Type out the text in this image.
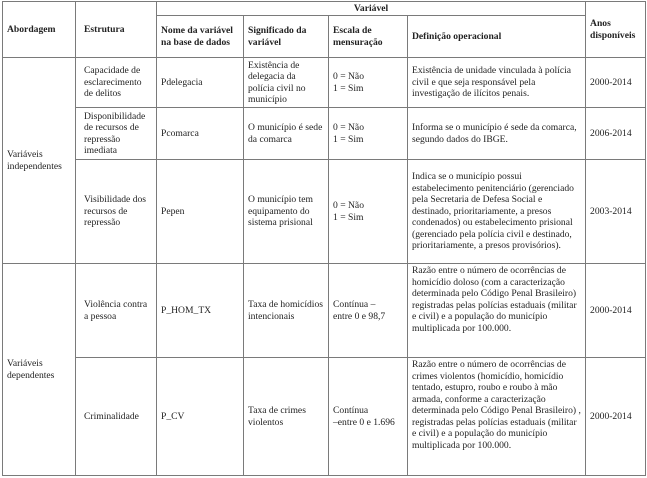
Abordagem	Estrutura	Variável				Anos disponíveis
		Nome da variável na base de dados	Significado da variável	Escala de mensuração	Definição operacional	
Variáveis independentes	Capacidade de esclarecimento de delitos	Pdelegacia	Existência de delegacia da polícia civil no município	0 = Não
1 = Sim	Existência de unidade vinculada à polícia civil e que seja responsável pela investigação de ilícitos penais.	2000-2014
	Disponibilidade de recursos de repressão imediata	Pcomarca	O município é sede da comarca	0 = Não
1 = Sim	Informa se o município é sede da comarca, segundo dados do IBGE.	2006-2014
	Visibilidade dos recursos de repressão	Pepen	O município tem equipamento do sistema prisional	0 = Não
1 = Sim	Indica se o município possui estabelecimento penitenciário (gerenciado pela Secretaria de Defesa Social e destinado, prioritariamente, a presos condenados) ou estabelecimento prisional (gerenciado pela polícia civil e destinado, prioritariamente, a presos provisórios).	2003-2014
Variáveis dependentes	Violência contra a pessoa	P_HOM_TX	Taxa de homicídios intencionais	Contínua –
entre 0 e 98,7	Razão entre o número de ocorrências de homicídio doloso (com a caracterização determinada pelo Código Penal Brasileiro) registradas pelas polícias estaduais (militar e civil) e a população do município multiplicada por 100.000.	2000-2014
	Criminalidade	P_CV	Taxa de crimes violentos	Contínua
–entre 0 e 1.696	Razão entre o número de ocorrências de crimes violentos (homicídio, homicídio tentado, estupro, roubo e roubo à mão armada, conforme a caracterização determinada pelo Código Penal Brasileiro) , registradas pelas polícias estaduais (militar e civil) e a população do município multiplicada por 100.000.	2000-2014
